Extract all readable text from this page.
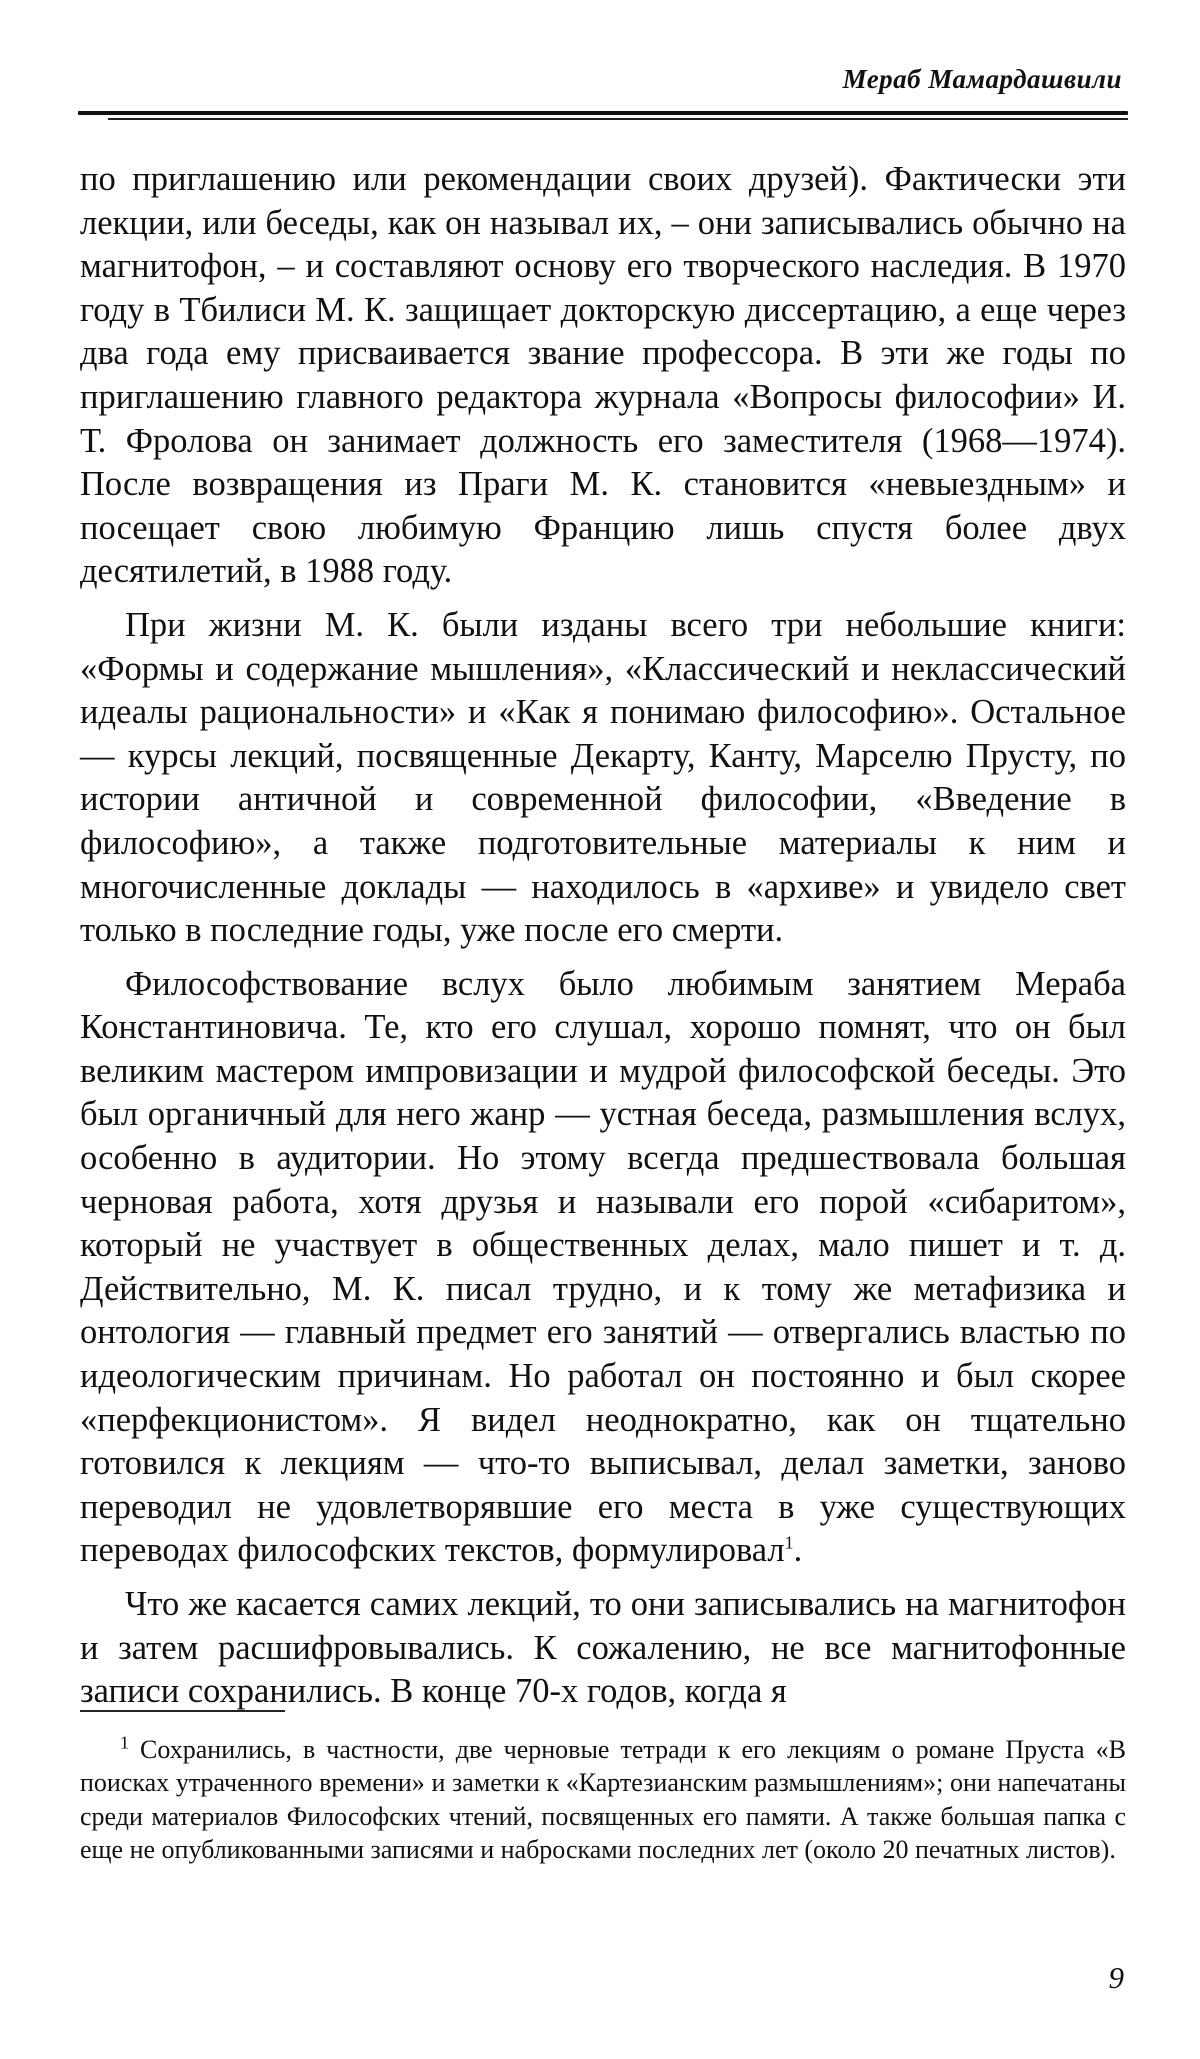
Мераб Мамардашвили

по приглашению или рекомендации своих друзей). Фактически эти лекции, или беседы, как он называл их, – они записывались обычно на магнитофон, – и составляют основу его творческого наследия. В 1970 году в Тбилиси М. К. защищает докторскую диссертацию, а еще через два года ему присваивается звание профессора. В эти же годы по приглашению главного редактора журнала «Вопросы философии» И. Т. Фролова он занимает должность его заместителя (1968—1974). После возвращения из Праги М. К. становится «невыездным» и посещает свою любимую Францию лишь спустя более двух десятилетий, в 1988 году.

При жизни М. К. были изданы всего три небольшие книги: «Формы и содержание мышления», «Классический и неклассический идеалы рациональности» и «Как я понимаю философию». Остальное — курсы лекций, посвященные Декарту, Канту, Марселю Прусту, по истории античной и современной философии, «Введение в философию», а также подготовительные материалы к ним и многочисленные доклады — находилось в «архиве» и увидело свет только в последние годы, уже после его смерти.

Философствование вслух было любимым занятием Мераба Константиновича. Те, кто его слушал, хорошо помнят, что он был великим мастером импровизации и мудрой философской беседы. Это был органичный для него жанр — устная беседа, размышления вслух, особенно в аудитории. Но этому всегда предшествовала большая черновая работа, хотя друзья и называли его порой «сибаритом», который не участвует в общественных делах, мало пишет и т. д. Действительно, М. К. писал трудно, и к тому же метафизика и онтология — главный предмет его занятий — отвергались властью по идеологическим причинам. Но работал он постоянно и был скорее «перфекционистом». Я видел неоднократно, как он тщательно готовился к лекциям — что-то выписывал, делал заметки, заново переводил не удовлетворявшие его места в уже существующих переводах философских текстов, формулировал$^1$.

Что же касается самих лекций, то они записывались на магнитофон и затем расшифровывались. К сожалению, не все магнитофонные записи сохранились. В конце 70-х годов, когда я

$^1$ Сохранились, в частности, две черновые тетради к его лекциям о романе Пруста «В поисках утраченного времени» и заметки к «Картезианским размышлениям»; они напечатаны среди материалов Философских чтений, посвященных его памяти. А также большая папка с еще не опубликованными записями и набросками последних лет (около 20 печатных листов).
9
